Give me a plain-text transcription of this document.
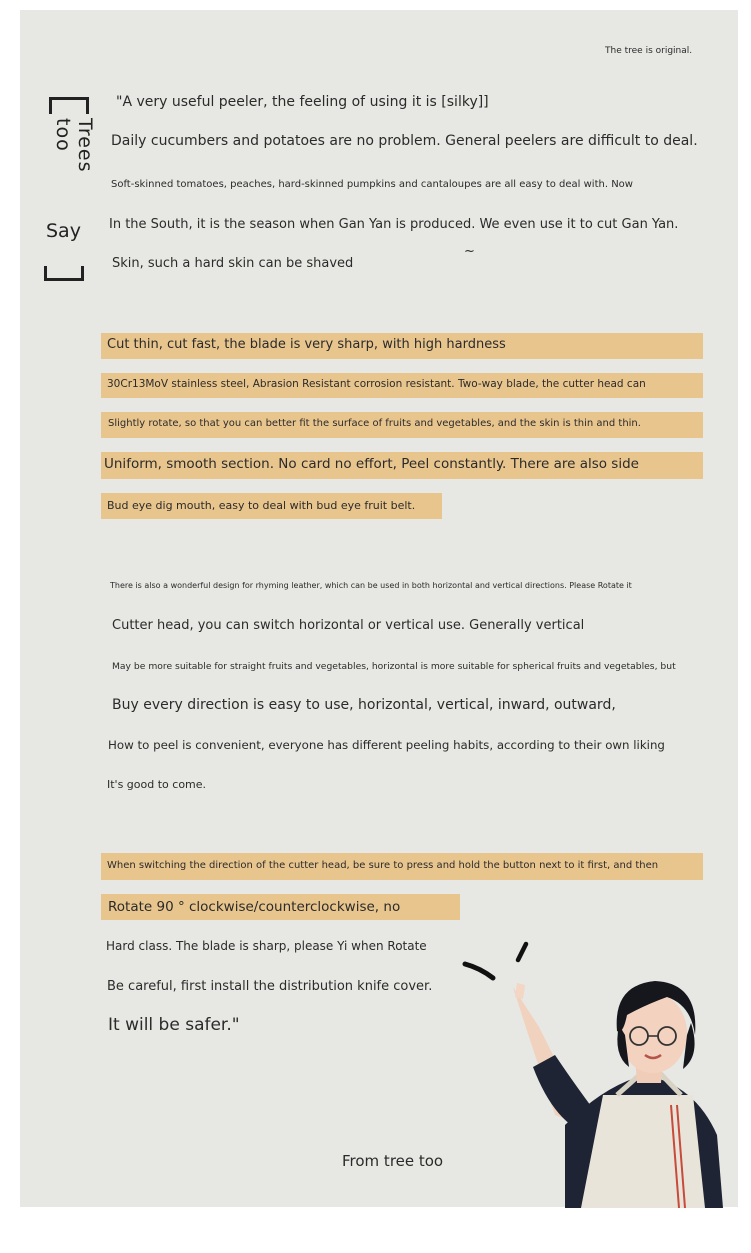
The tree is original.
Trees too
Say
"A very useful peeler, the feeling of using it is [silky]]
Daily cucumbers and potatoes are no problem. General peelers are difficult to deal.
Soft-skinned tomatoes, peaches, hard-skinned pumpkins and cantaloupes are all easy to deal with. Now
In the South, it is the season when Gan Yan is produced. We even use it to cut Gan Yan.
~
Skin, such a hard skin can be shaved
Cut thin, cut fast, the blade is very sharp, with high hardness
30Cr13MoV stainless steel, Abrasion Resistant corrosion resistant. Two-way blade, the cutter head can
Slightly rotate, so that you can better fit the surface of fruits and vegetables, and the skin is thin and thin.
Uniform, smooth section. No card no effort, Peel constantly. There are also side
Bud eye dig mouth, easy to deal with bud eye fruit belt.
There is also a wonderful design for rhyming leather, which can be used in both horizontal and vertical directions. Please Rotate it
Cutter head, you can switch horizontal or vertical use. Generally vertical
May be more suitable for straight fruits and vegetables, horizontal is more suitable for spherical fruits and vegetables, but
Buy every direction is easy to use, horizontal, vertical, inward, outward,
How to peel is convenient, everyone has different peeling habits, according to their own liking
It's good to come.
When switching the direction of the cutter head, be sure to press and hold the button next to it first, and then
Rotate 90 ° clockwise/counterclockwise, no
Hard class. The blade is sharp, please Yi when Rotate
Be careful, first install the distribution knife cover.
It will be safer."
From tree too
